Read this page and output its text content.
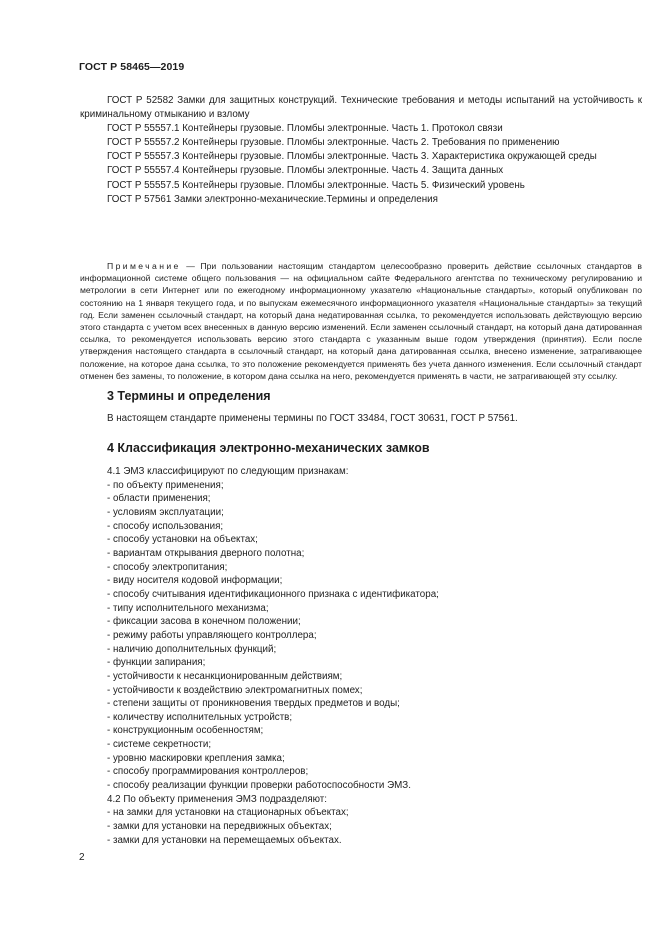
ГОСТ Р 58465—2019
ГОСТ Р 52582 Замки для защитных конструкций. Технические требования и методы испытаний на устойчивость к криминальному отмыканию и взлому
ГОСТ Р 55557.1 Контейнеры грузовые. Пломбы электронные. Часть 1. Протокол связи
ГОСТ Р 55557.2 Контейнеры грузовые. Пломбы электронные. Часть 2. Требования по применению
ГОСТ Р 55557.3 Контейнеры грузовые. Пломбы электронные. Часть 3. Характеристика окружающей среды
ГОСТ Р 55557.4 Контейнеры грузовые. Пломбы электронные. Часть 4. Защита данных
ГОСТ Р 55557.5 Контейнеры грузовые. Пломбы электронные. Часть 5. Физический уровень
ГОСТ Р 57561 Замки электронно-механические.Термины и определения
Примечание — При пользовании настоящим стандартом целесообразно проверить действие ссылочных стандартов в информационной системе общего пользования — на официальном сайте Федерального агентства по техническому регулированию и метрологии в сети Интернет или по ежегодному информационному указателю «Национальные стандарты», который опубликован по состоянию на 1 января текущего года, и по выпускам ежемесячного информационного указателя «Национальные стандарты» за текущий год. Если заменен ссылочный стандарт, на который дана недатированная ссылка, то рекомендуется использовать действующую версию этого стандарта с учетом всех внесенных в данную версию изменений. Если заменен ссылочный стандарт, на который дана датированная ссылка, то рекомендуется использовать версию этого стандарта с указанным выше годом утверждения (принятия). Если после утверждения настоящего стандарта в ссылочный стандарт, на который дана датированная ссылка, внесено изменение, затрагивающее положение, на которое дана ссылка, то это положение рекомендуется применять без учета данного изменения. Если ссылочный стандарт отменен без замены, то положение, в котором дана ссылка на него, рекомендуется применять в части, не затрагивающей эту ссылку.
3 Термины и определения
В настоящем стандарте применены термины по ГОСТ 33484, ГОСТ 30631, ГОСТ Р 57561.
4 Классификация электронно-механических замков
4.1 ЭМЗ классифицируют по следующим признакам:
- по объекту применения;
- области применения;
- условиям эксплуатации;
- способу использования;
- способу установки на объектах;
- вариантам открывания дверного полотна;
- способу электропитания;
- виду носителя кодовой информации;
- способу считывания идентификационного признака с идентификатора;
- типу исполнительного механизма;
- фиксации засова в конечном положении;
- режиму работы управляющего контроллера;
- наличию дополнительных функций;
- функции запирания;
- устойчивости к несанкционированным действиям;
- устойчивости к воздействию электромагнитных помех;
- степени защиты от проникновения твердых предметов и воды;
- количеству исполнительных устройств;
- конструкционным особенностям;
- системе секретности;
- уровню маскировки крепления замка;
- способу программирования контроллеров;
- способу реализации функции проверки работоспособности ЭМЗ.
4.2 По объекту применения ЭМЗ подразделяют:
- на замки для установки на стационарных объектах;
- замки для установки на передвижных объектах;
- замки для установки на перемещаемых объектах.
2
